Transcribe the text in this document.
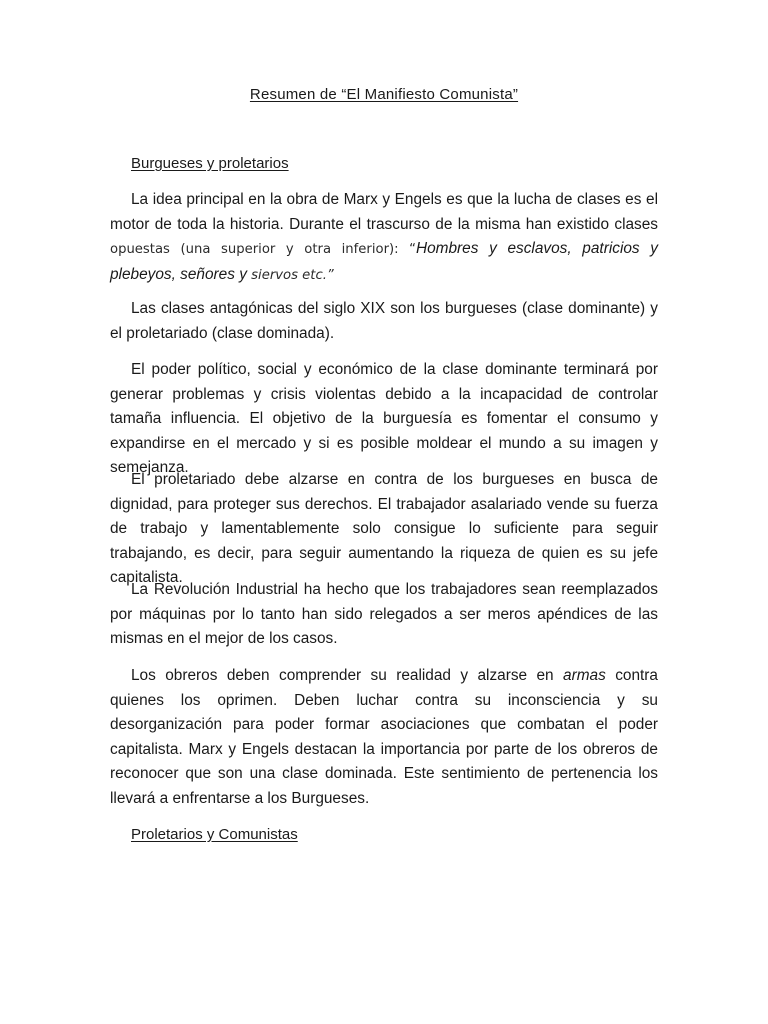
Resumen de “El Manifiesto Comunista”
Burgueses y proletarios

La idea principal en la obra de Marx y Engels es que la lucha de clases es el motor de toda la historia. Durante el trascurso de la misma han existido clases opuestas (una superior y otra inferior): “Hombres y esclavos, patricios y plebeyos, señores y siervos etc.”

Las clases antagónicas del siglo XIX son los burgueses (clase dominante) y el proletariado (clase dominada).

El poder político, social y económico de la clase dominante terminará por generar problemas y crisis violentas debido a la incapacidad de controlar tamaña influencia. El objetivo de la burguesía es fomentar el consumo y expandirse en el mercado y si es posible moldear el mundo a su imagen y semejanza.

El proletariado debe alzarse en contra de los burgueses en busca de dignidad, para proteger sus derechos. El trabajador asalariado vende su fuerza de trabajo y lamentablemente solo consigue lo suficiente para seguir trabajando, es decir, para seguir aumentando la riqueza de quien es su jefe capitalista.

La Revolución Industrial ha hecho que los trabajadores sean reemplazados por máquinas por lo tanto han sido relegados a ser meros apéndices de las mismas en el mejor de los casos.

Los obreros deben comprender su realidad y alzarse en armas contra quienes los oprimen. Deben luchar contra su inconsciencia y su desorganización para poder formar asociaciones que combatan el poder capitalista. Marx y Engels destacan la importancia por parte de los obreros de reconocer que son una clase dominada. Este sentimiento de pertenencia los llevará a enfrentarse a los Burgueses.

Proletarios y Comunistas
